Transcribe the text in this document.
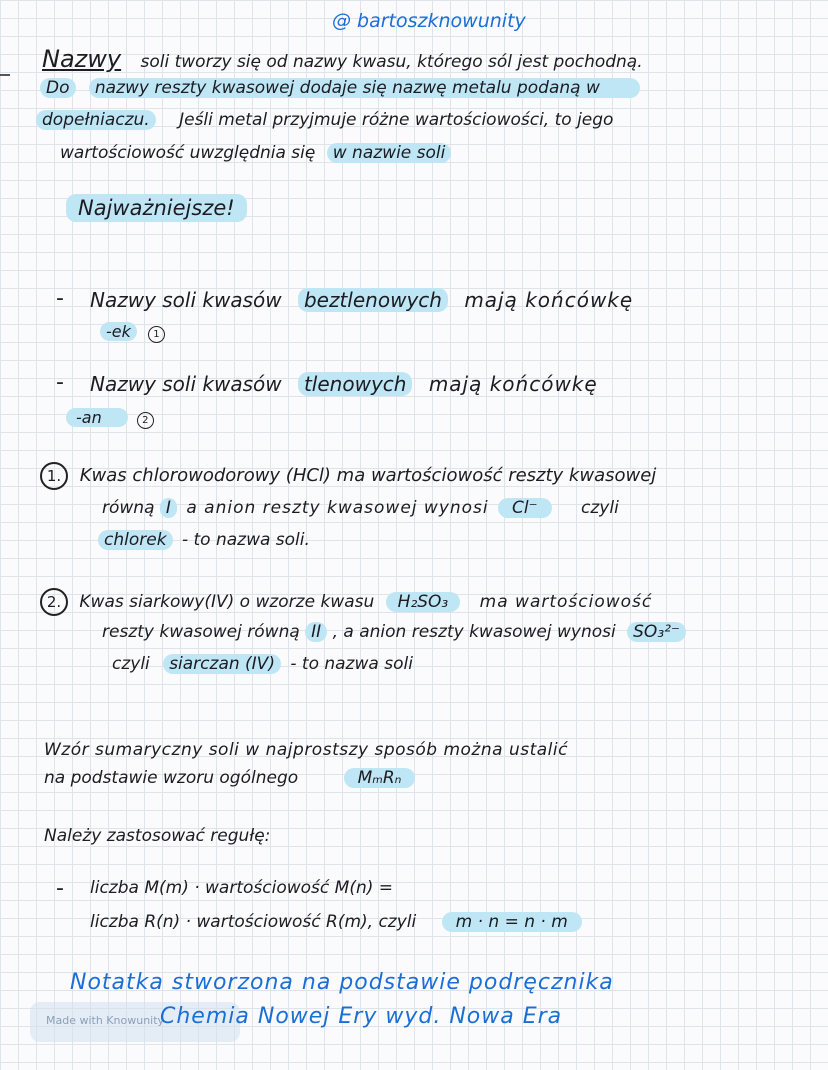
@ bartoszknowunity
Nazwy soli tworzy się od nazwy kwasu, którego sól jest pochodną.
Do nazwy reszty kwasowej dodaje się nazwę metalu podaną w
dopełniaczu. Jeśli metal przyjmuje różne wartościowości, to jego
wartościowość uwzględnia się w nazwie soli
Najważniejsze!
- Nazwy soli kwasów beztlenowych mają końcówkę
-ek 1
- Nazwy soli kwasów tlenowych mają końcówkę
-an	2
1. Kwas chlorowodorowy (HCl) ma wartościowość reszty kwasowej
równą I a anion reszty kwasowej wynosi Cl⁻	czyli
chlorek - to nazwa soli.
2. Kwas siarkowy(IV) o wzorze kwasu H₂SO₃ ma wartościowość
reszty kwasowej równą II , a anion reszty kwasowej wynosi SO₃²⁻
czyli siarczan (IV) - to nazwa soli
Wzór sumaryczny soli w najprostszy sposób można ustalić
na podstawie wzoru ogólnego	MₘRₙ
Należy zastosować regułę:
- liczba M(m) · wartościowość M(n) =
liczba R(n) · wartościowość R(m), czyli m · n = n · m
Made with Knowunity
Notatka stworzona na podstawie podręcznika
Chemia Nowej Ery wyd. Nowa Era
